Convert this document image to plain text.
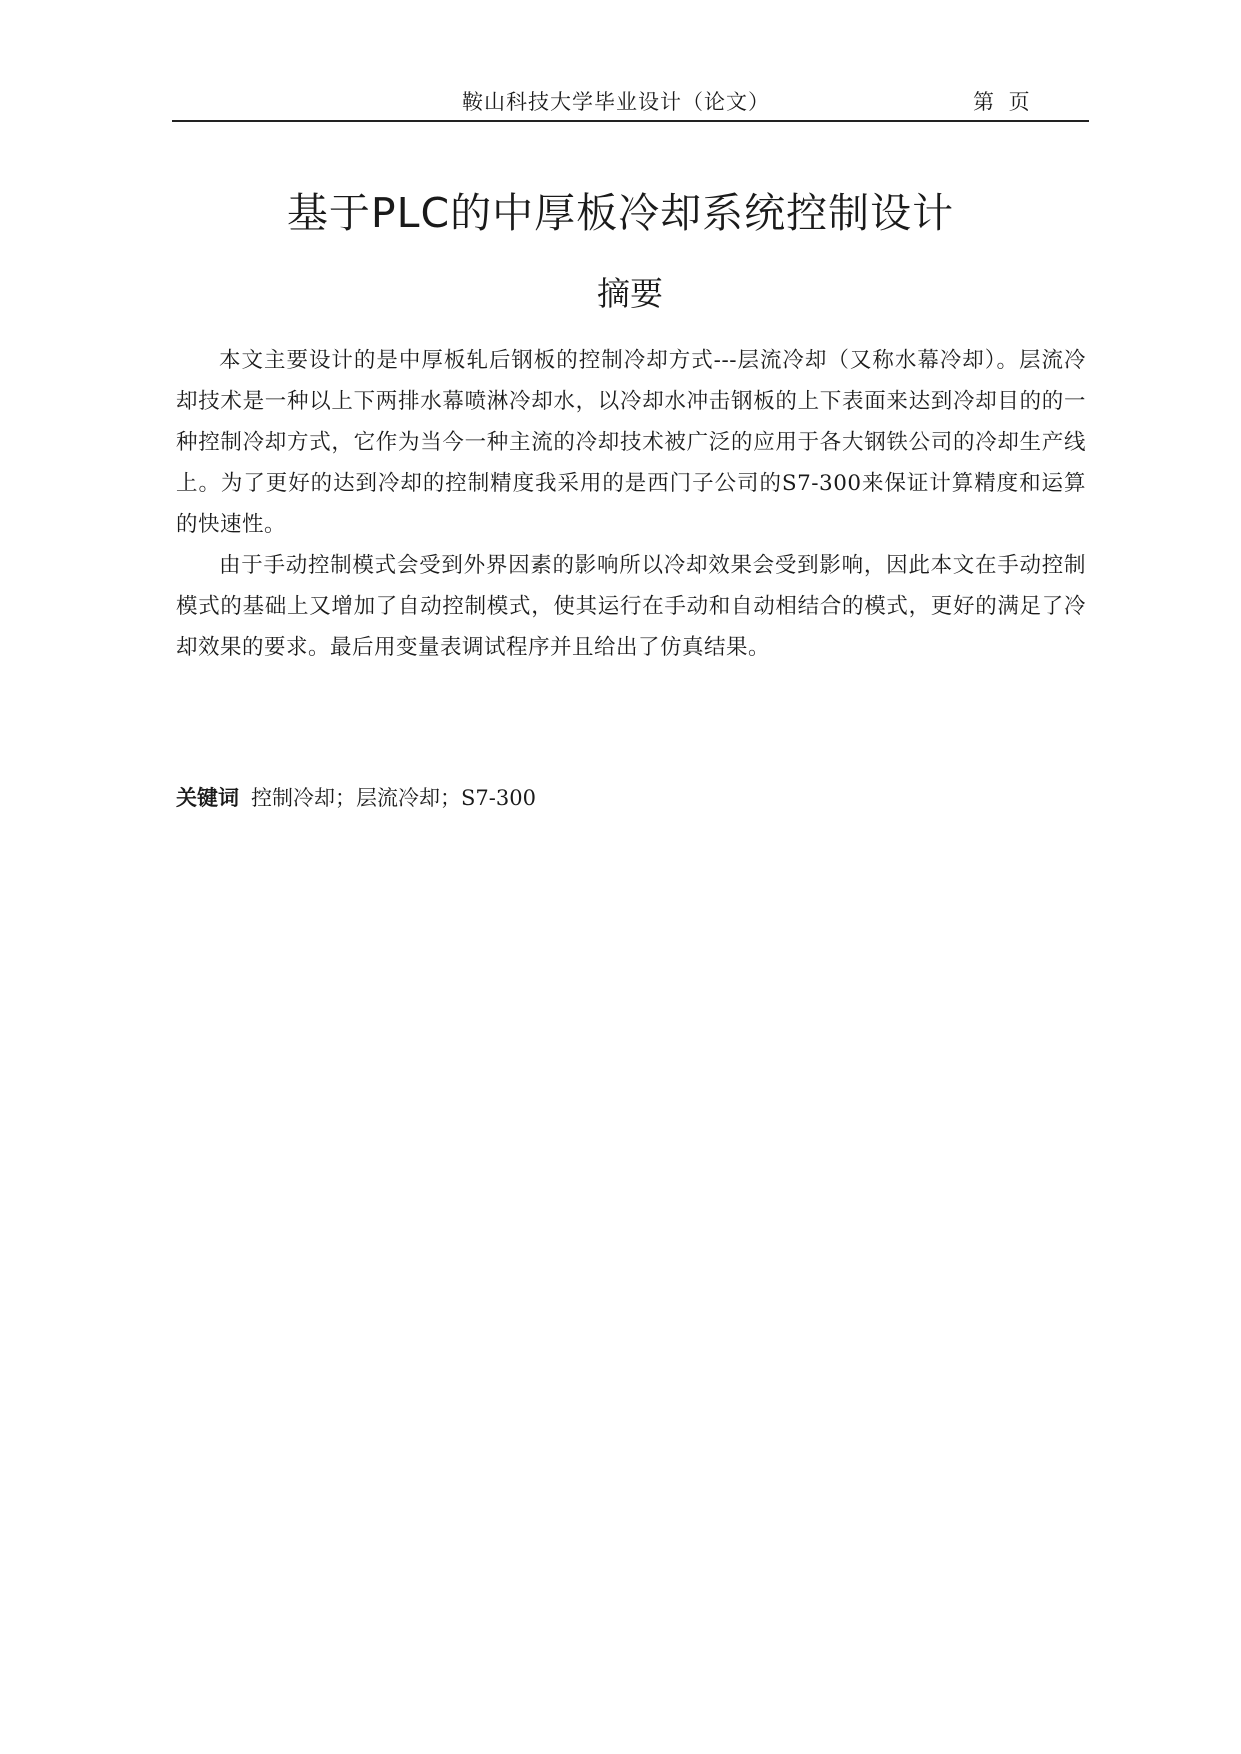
鞍山科技大学毕业设计（论文）	第 页
基于PLC的中厚板冷却系统控制设计
摘要

本文主要设计的是中厚板轧后钢板的控制冷却方式---层流冷却（又称水幕冷却）。层流冷却技术是一种以上下两排水幕喷淋冷却水，以冷却水冲击钢板的上下表面来达到冷却目的的一种控制冷却方式，它作为当今一种主流的冷却技术被广泛的应用于各大钢铁公司的冷却生产线上。为了更好的达到冷却的控制精度我采用的是西门子公司的S7-300来保证计算精度和运算的快速性。

由于手动控制模式会受到外界因素的影响所以冷却效果会受到影响，因此本文在手动控制模式的基础上又增加了自动控制模式，使其运行在手动和自动相结合的模式，更好的满足了冷却效果的要求。最后用变量表调试程序并且给出了仿真结果。

关键词 控制冷却；层流冷却；S7-300
